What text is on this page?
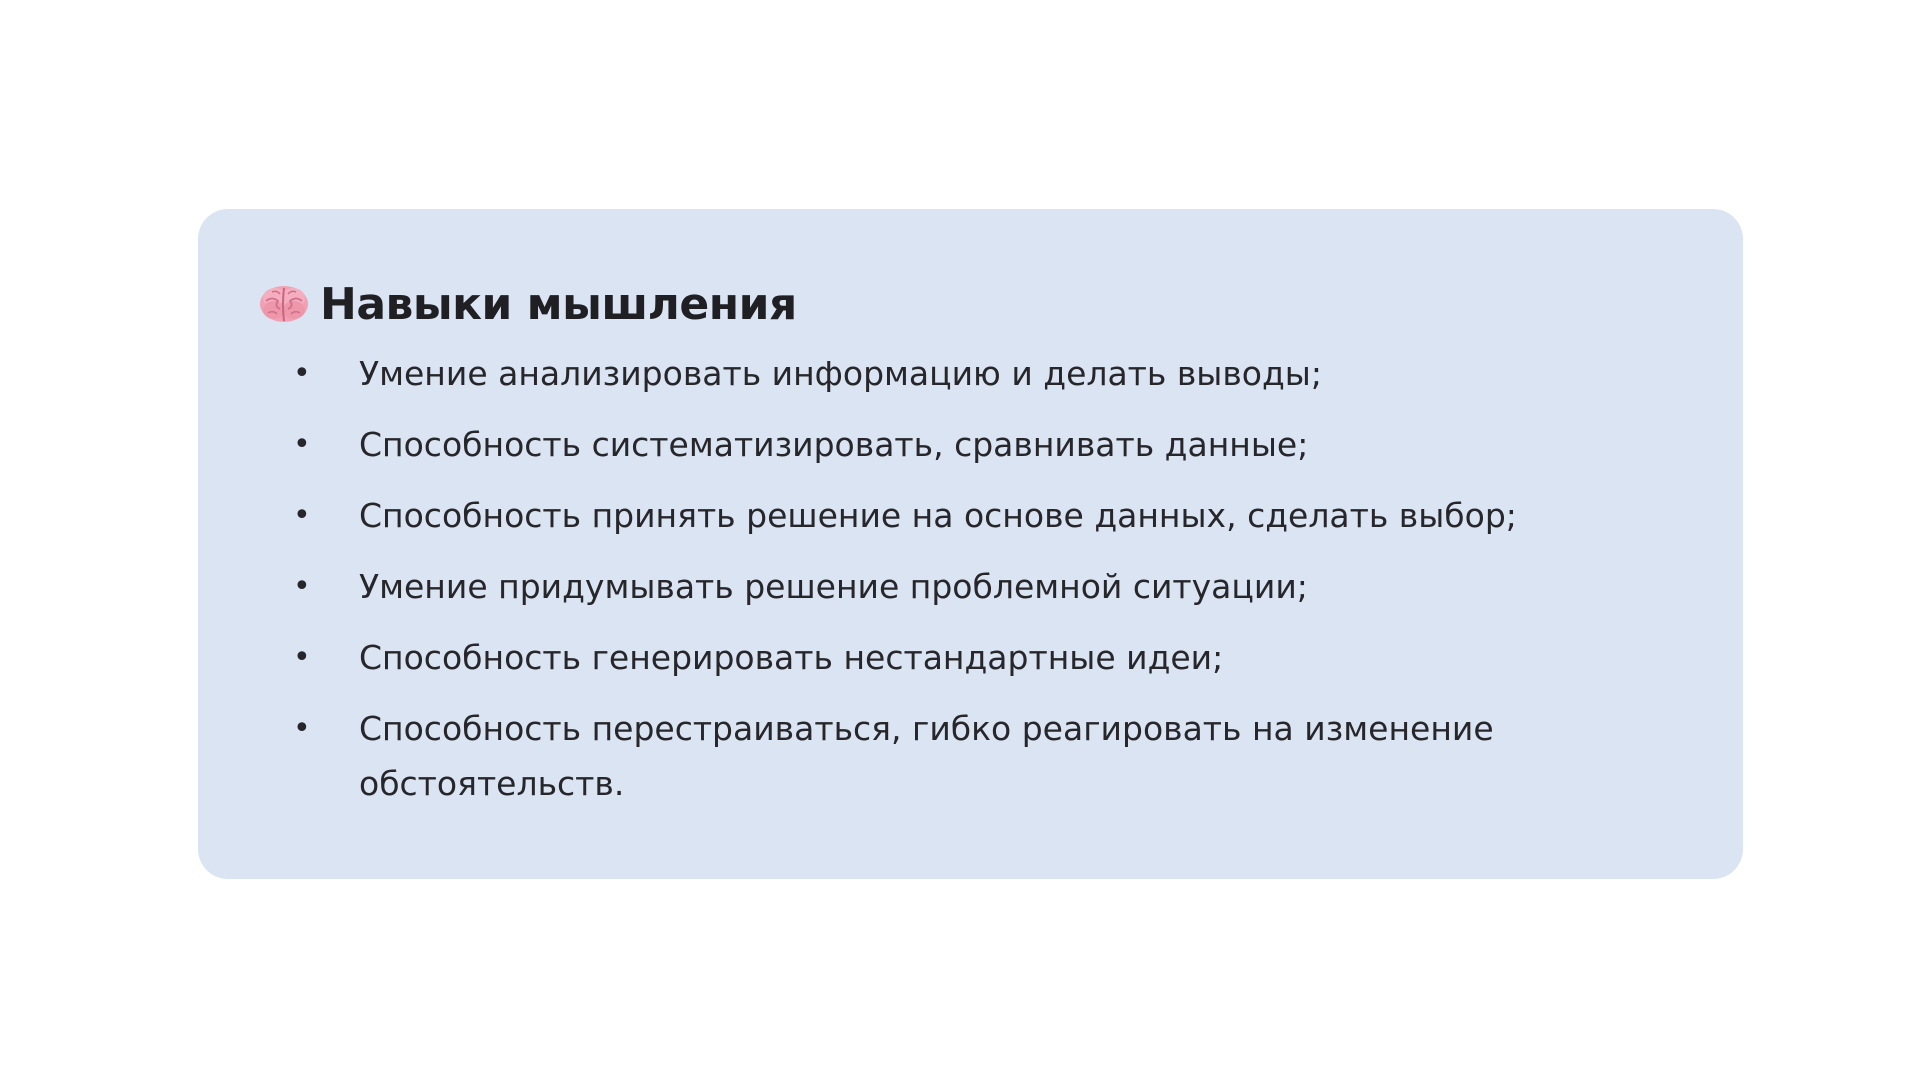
Навыки мышления
• Умение анализировать информацию и делать выводы;
• Способность систематизировать, сравнивать данные;
• Способность принять решение на основе данных, сделать выбор;
• Умение придумывать решение проблемной ситуации;
• Способность генерировать нестандартные идеи;
• Способность перестраиваться, гибко реагировать на изменение обстоятельств.
